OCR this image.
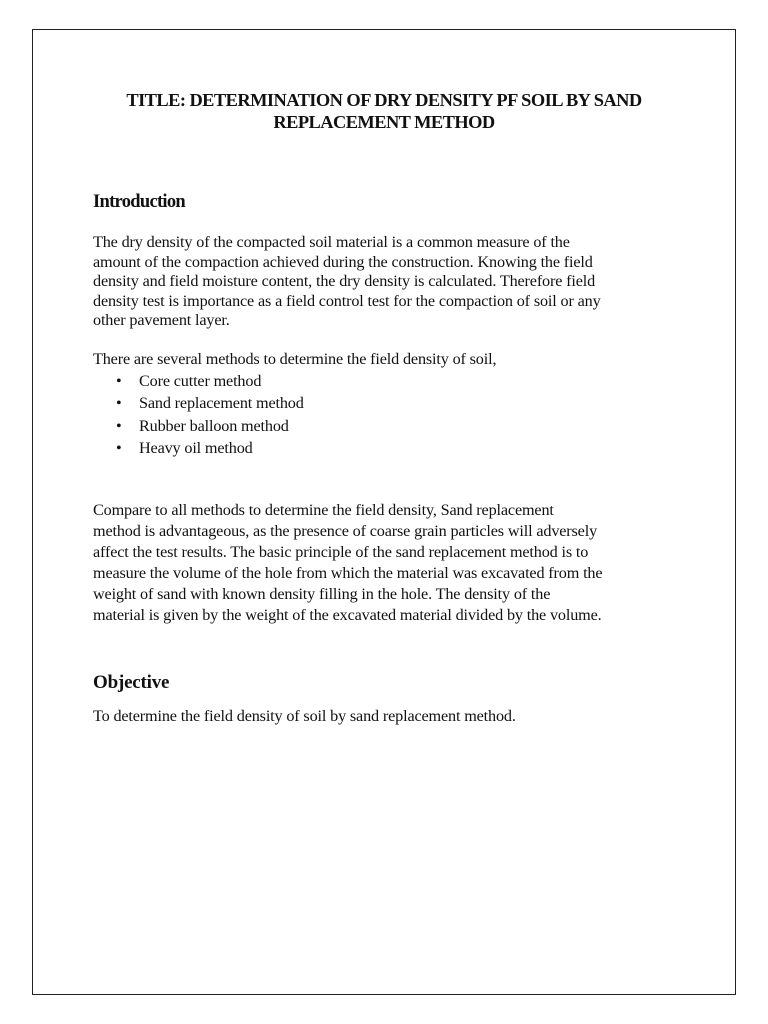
TITLE: DETERMINATION OF DRY DENSITY PF SOIL BY SAND
REPLACEMENT METHOD
Introduction

The dry density of the compacted soil material is a common measure of the
amount of the compaction achieved during the construction. Knowing the field
density and field moisture content, the dry density is calculated. Therefore field
density test is importance as a field control test for the compaction of soil or any
other pavement layer.

There are several methods to determine the field density of soil,

• Core cutter method
• Sand replacement method
• Rubber balloon method
• Heavy oil method

Compare to all methods to determine the field density, Sand replacement
method is advantageous, as the presence of coarse grain particles will adversely
affect the test results. The basic principle of the sand replacement method is to
measure the volume of the hole from which the material was excavated from the
weight of sand with known density filling in the hole. The density of the
material is given by the weight of the excavated material divided by the volume.

Objective

To determine the field density of soil by sand replacement method.
